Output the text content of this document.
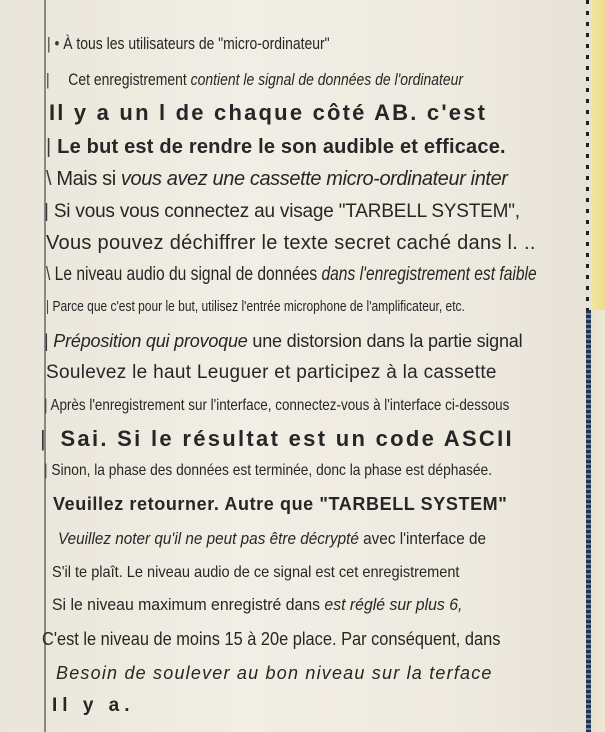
| • À tous les utilisateurs de "micro-ordinateur"
| Cet enregistrement contient le signal de données de l'ordinateur
Il y a un l de chaque côté AB. c'est
| Le but est de rendre le son audible et efficace.
\ Mais si vous avez une cassette micro-ordinateur inter
| Si vous vous connectez au visage "TARBELL SYSTEM",
Vous pouvez déchiffrer le texte secret caché dans l. ..
\ Le niveau audio du signal de données dans l'enregistrement est faible
| Parce que c'est pour le but, utilisez l'entrée microphone de l'amplificateur, etc.
| Préposition qui provoque une distorsion dans la partie signal
Soulevez le haut Leuguer et participez à la cassette
| Après l'enregistrement sur l'interface, connectez-vous à l'interface ci-dessous
| Sai. Si le résultat est un code ASCII
| Sinon, la phase des données est terminée, donc la phase est déphasée.
Veuillez retourner. Autre que "TARBELL SYSTEM"
Veuillez noter qu'il ne peut pas être décrypté avec l'interface de
S'il te plaît. Le niveau audio de ce signal est cet enregistrement
Si le niveau maximum enregistré dans est réglé sur plus 6,
C'est le niveau de moins 15 à 20e place. Par conséquent, dans
Besoin de soulever au bon niveau sur la terface
Il y a.
